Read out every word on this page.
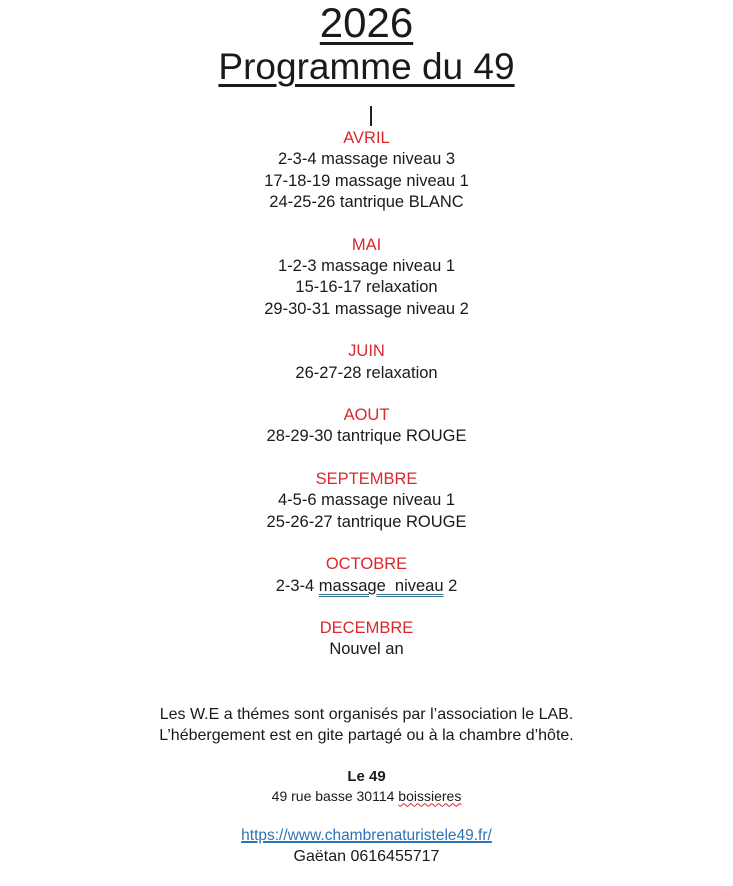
2026
Programme du 49
AVRIL
2-3-4 massage niveau 3
17-18-19 massage niveau 1
24-25-26 tantrique BLANC
MAI
1-2-3 massage niveau 1
15-16-17 relaxation
29-30-31 massage niveau 2
JUIN
26-27-28 relaxation
AOUT
28-29-30 tantrique ROUGE
SEPTEMBRE
4-5-6 massage niveau 1
25-26-27 tantrique ROUGE
OCTOBRE
2-3-4 massage  niveau 2
DECEMBRE
Nouvel an
Les W.E a thémes sont organisés par l’association le LAB.
L’hébergement est en gite partagé ou à la chambre d’hôte.
Le 49
49 rue basse 30114 boissieres
https://www.chambrenaturistele49.fr/
Gaëtan 0616455717
